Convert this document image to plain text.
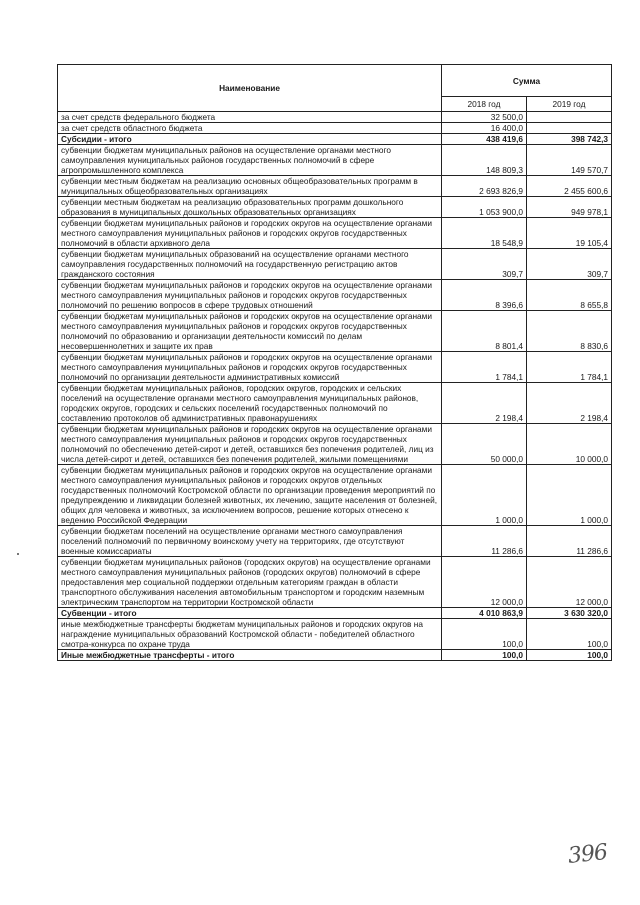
Наименование	Сумма	
	2018 год	2019 год
за счет средств федерального бюджета	32 500,0	
за счет средств областного бюджета	16 400,0	
Субсидии - итого	438 419,6	398 742,3
субвенции бюджетам муниципальных районов на осуществление органами местного самоуправления муниципальных районов государственных полномочий в сфере агропромышленного комплекса	148 809,3	149 570,7
субвенции местным бюджетам на реализацию основных общеобразовательных программ в муниципальных общеобразовательных организациях	2 693 826,9	2 455 600,6
субвенции местным бюджетам на реализацию образовательных программ дошкольного образования в муниципальных дошкольных образовательных организациях	1 053 900,0	949 978,1
субвенции бюджетам муниципальных районов и городских округов на осуществление органами местного самоуправления муниципальных районов и городских округов государственных полномочий в области архивного дела	18 548,9	19 105,4
субвенции бюджетам муниципальных образований на осуществление органами местного самоуправления государственных полномочий на государственную регистрацию актов гражданского состояния	309,7	309,7
субвенции бюджетам муниципальных районов и городских округов на осуществление органами местного самоуправления муниципальных районов и городских округов государственных полномочий по решению вопросов в сфере трудовых отношений	8 396,6	8 655,8
субвенции бюджетам муниципальных районов и городских округов на осуществление органами местного самоуправления муниципальных районов и городских округов государственных полномочий по образованию и организации деятельности комиссий по делам несовершеннолетних и защите их прав	8 801,4	8 830,6
субвенции бюджетам муниципальных районов и городских округов на осуществление органами местного самоуправления муниципальных районов и городских округов государственных полномочий по организации деятельности административных комиссий	1 784,1	1 784,1
субвенции бюджетам муниципальных районов, городских округов, городских и сельских поселений на осуществление органами местного самоуправления муниципальных районов, городских округов, городских и сельских поселений государственных полномочий по составлению протоколов об административных правонарушениях	2 198,4	2 198,4
субвенции бюджетам муниципальных районов и городских округов на осуществление органами местного самоуправления муниципальных районов и городских округов государственных полномочий по обеспечению детей-сирот и детей, оставшихся без попечения родителей, лиц из числа детей-сирот и детей, оставшихся без попечения родителей, жилыми помещениями	50 000,0	10 000,0
субвенции бюджетам муниципальных районов и городских округов на осуществление органами местного самоуправления муниципальных районов и городских округов отдельных государственных полномочий Костромской области по организации проведения мероприятий по предупреждению и ликвидации болезней животных, их лечению, защите населения от болезней, общих для человека и животных, за исключением вопросов, решение которых отнесено к ведению Российской Федерации	1 000,0	1 000,0
субвенции бюджетам поселений на осуществление органами местного самоуправления поселений полномочий по первичному воинскому учету на территориях, где отсутствуют военные комиссариаты	11 286,6	11 286,6
субвенции бюджетам муниципальных районов (городских округов) на осуществление органами местного самоуправления муниципальных районов (городских округов) полномочий в сфере предоставления мер социальной поддержки отдельным категориям граждан в области транспортного обслуживания населения автомобильным транспортом и городским наземным электрическим транспортом на территории Костромской области	12 000,0	12 000,0
Субвенции - итого	4 010 863,9	3 630 320,0
иные межбюджетные трансферты бюджетам муниципальных районов и городских округов на награждение муниципальных образований Костромской области - победителей областного смотра-конкурса по охране труда	100,0	100,0
Иные межбюджетные трансферты - итого	100,0	100,0
396
